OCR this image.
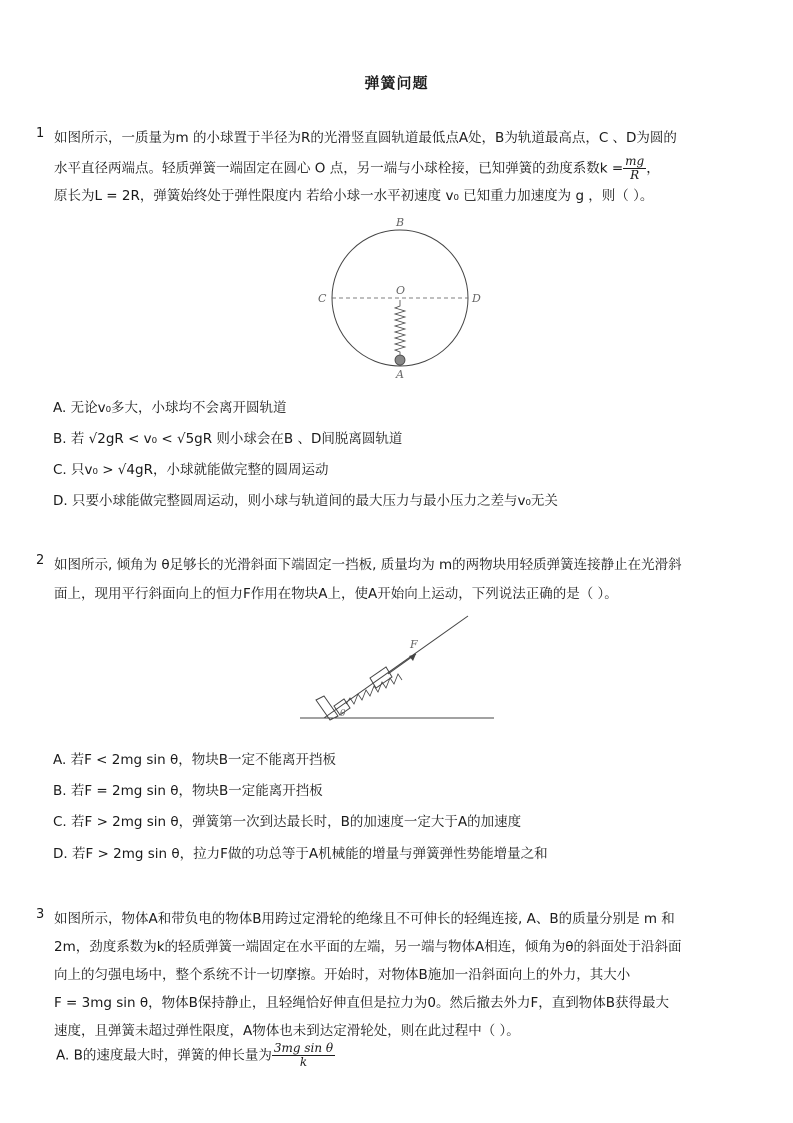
弹簧问题
1 如图所示，一质量为m 的小球置于半径为R的光滑竖直圆轨道最低点A处，B为轨道最高点，C 、D为圆的
水平直径两端点。轻质弹簧一端固定在圆心 O 点，另一端与小球栓接，已知弹簧的劲度系数$k = \frac{mg}{R}$ ，
原长为L = 2R，弹簧始终处于弹性限度内 若给小球一水平初速度 v₀ 已知重力加速度为 g ，则（ ）。
B
C
O
D
A
A. 无论v₀多大，小球均不会离开圆轨道
B. 若 √2gR < v₀ < √5gR 则小球会在B 、D间脱离圆轨道
C. 只v₀ > √4gR，小球就能做完整的圆周运动
D. 只要小球能做完整圆周运动，则小球与轨道间的最大压力与最小压力之差与v₀无关
2 如图所示, 倾角为 θ足够长的光滑斜面下端固定一挡板, 质量均为 m的两物块用轻质弹簧连接静止在光滑斜
面上，现用平行斜面向上的恒力F作用在物块A上，使A开始向上运动，下列说法正确的是（ ）。
F
θ
A. 若F < 2mg sin θ，物块B一定不能离开挡板
B. 若F = 2mg sin θ，物块B一定能离开挡板
C. 若F > 2mg sin θ，弹簧第一次到达最长时，B的加速度一定大于A的加速度
D. 若F > 2mg sin θ，拉力F做的功总等于A机械能的增量与弹簧弹性势能增量之和
3 如图所示，物体A和带负电的物体B用跨过定滑轮的绝缘且不可伸长的轻绳连接, A、B的质量分别是 m 和
2m，劲度系数为k的轻质弹簧一端固定在水平面的左端，另一端与物体A相连，倾角为θ的斜面处于沿斜面
向上的匀强电场中，整个系统不计一切摩擦。开始时，对物体B施加一沿斜面向上的外力，其大小
F = 3mg sin θ，物体B保持静止，且轻绳恰好伸直但是拉力为0。然后撤去外力F，直到物体B获得最大
速度，且弹簧未超过弹性限度，A物体也未到达定滑轮处，则在此过程中（ ）。
A. B的速度最大时，弹簧的伸长量为 $\frac{\text{3mg sin θ}}{k}$
